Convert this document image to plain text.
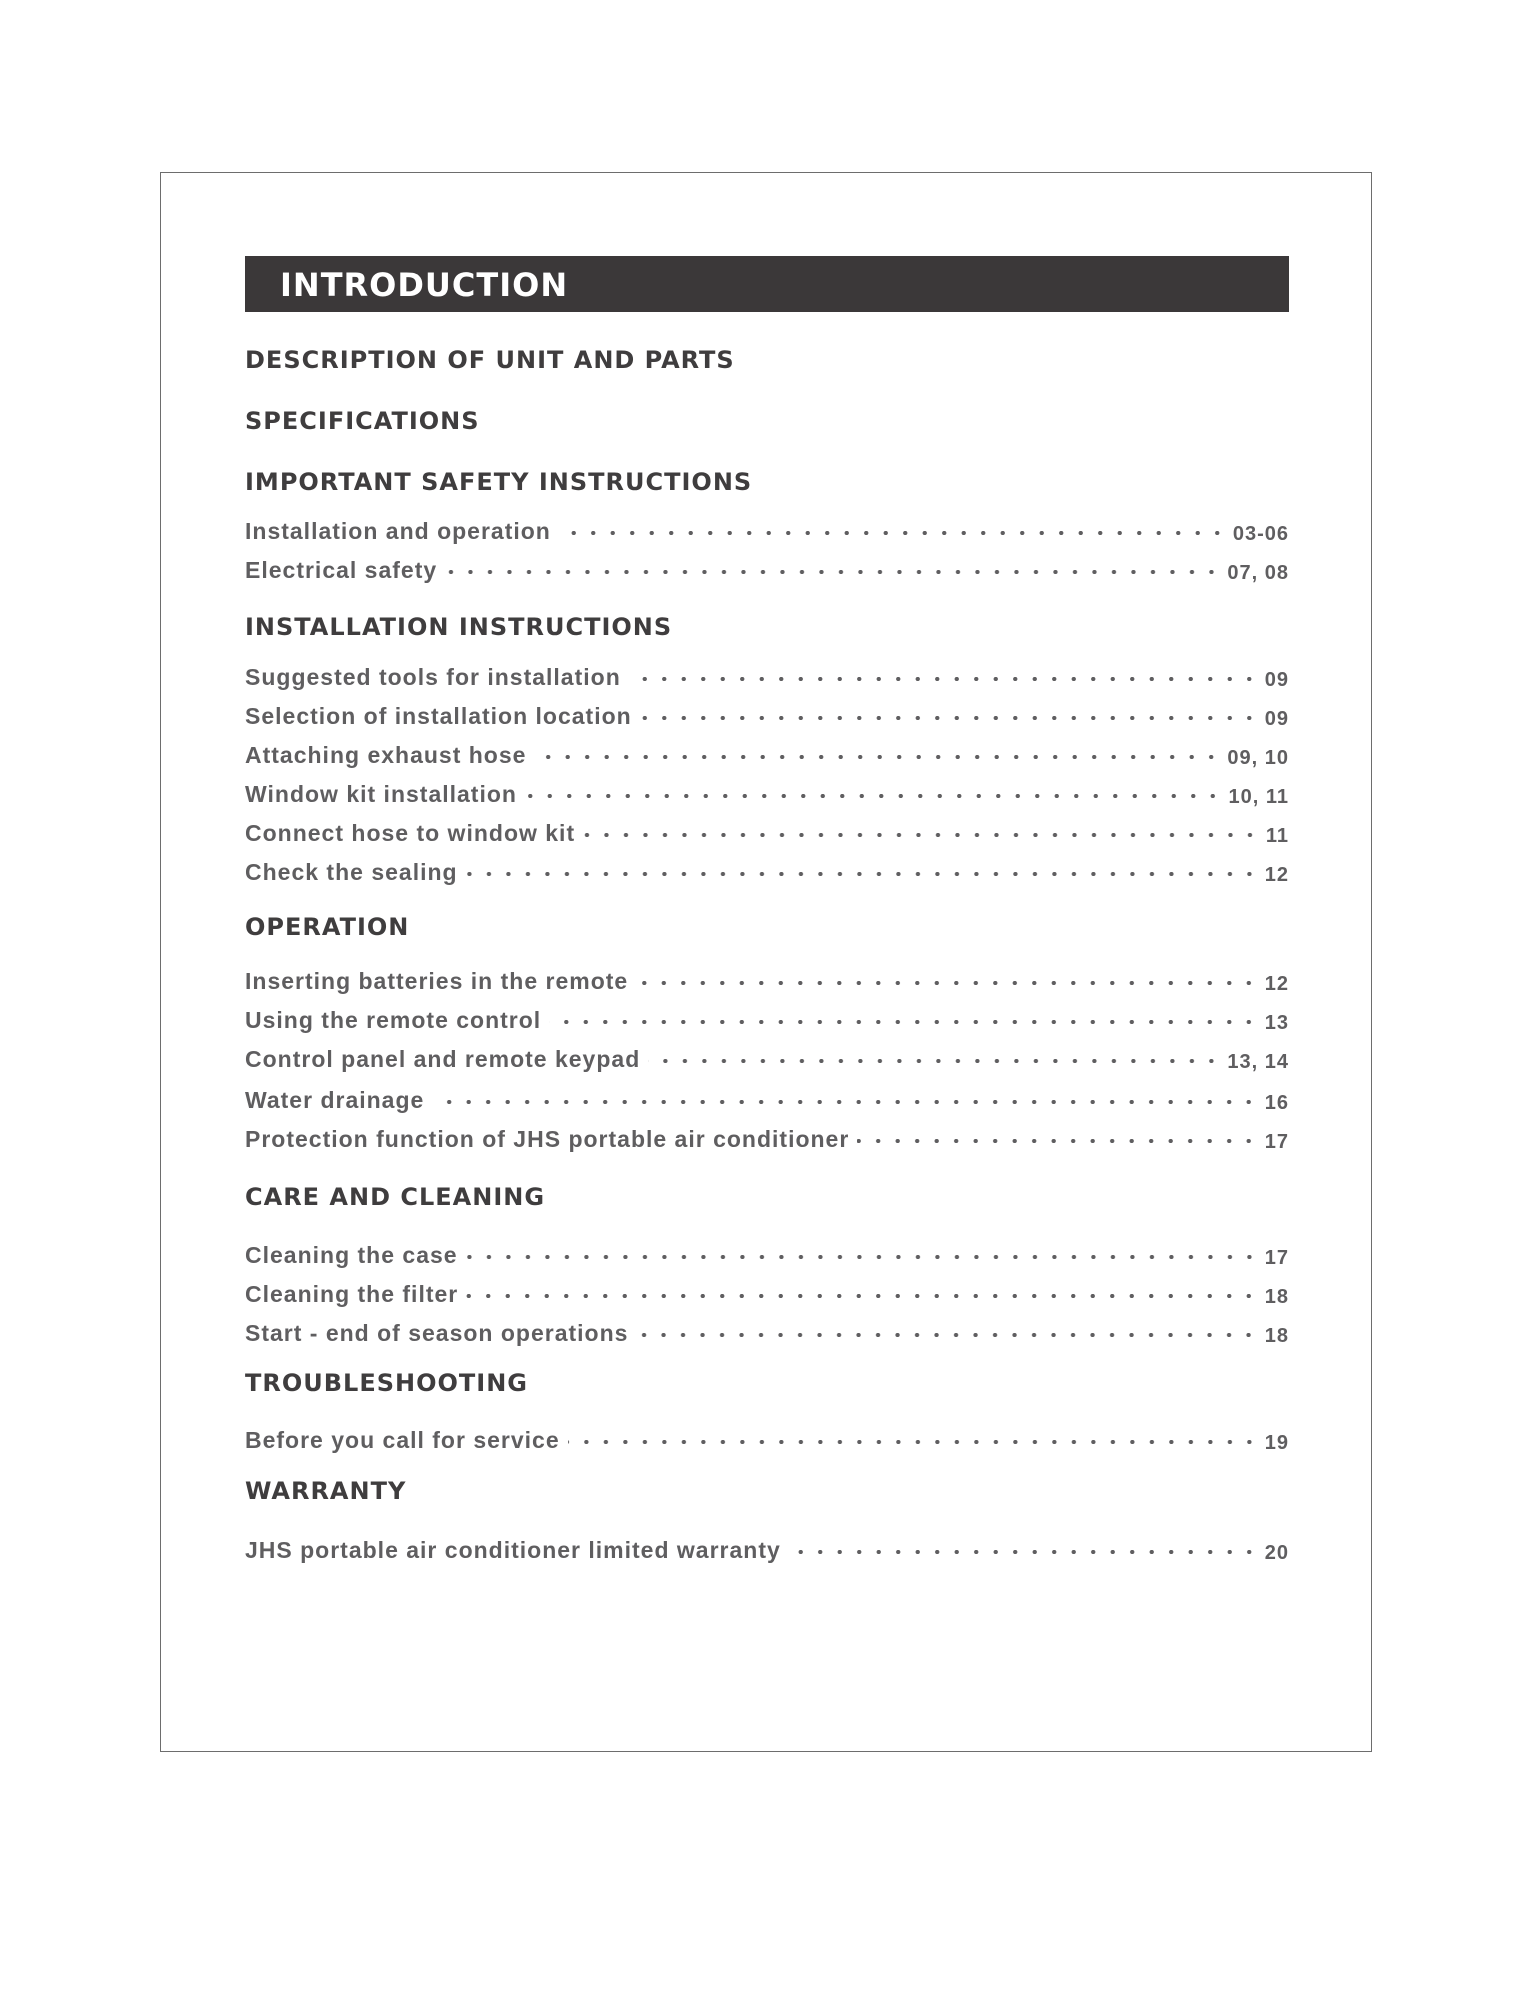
INTRODUCTION
DESCRIPTION OF UNIT AND PARTS
SPECIFICATIONS
IMPORTANT SAFETY INSTRUCTIONS
Installation and operation	03-06
Electrical safety	07, 08
INSTALLATION INSTRUCTIONS
Suggested tools for installation	09
Selection of installation location	09
Attaching exhaust hose	09, 10
Window kit installation	10, 11
Connect hose to window kit	11
Check the sealing	12
OPERATION
Inserting batteries in the remote	12
Using the remote control	13
Control panel and remote keypad	13, 14
Water drainage	16
Protection function of JHS portable air conditioner	17
CARE AND CLEANING
Cleaning the case	17
Cleaning the filter	18
Start - end of season operations	18
TROUBLESHOOTING
Before you call for service	19
WARRANTY
JHS portable air conditioner limited warranty	20
